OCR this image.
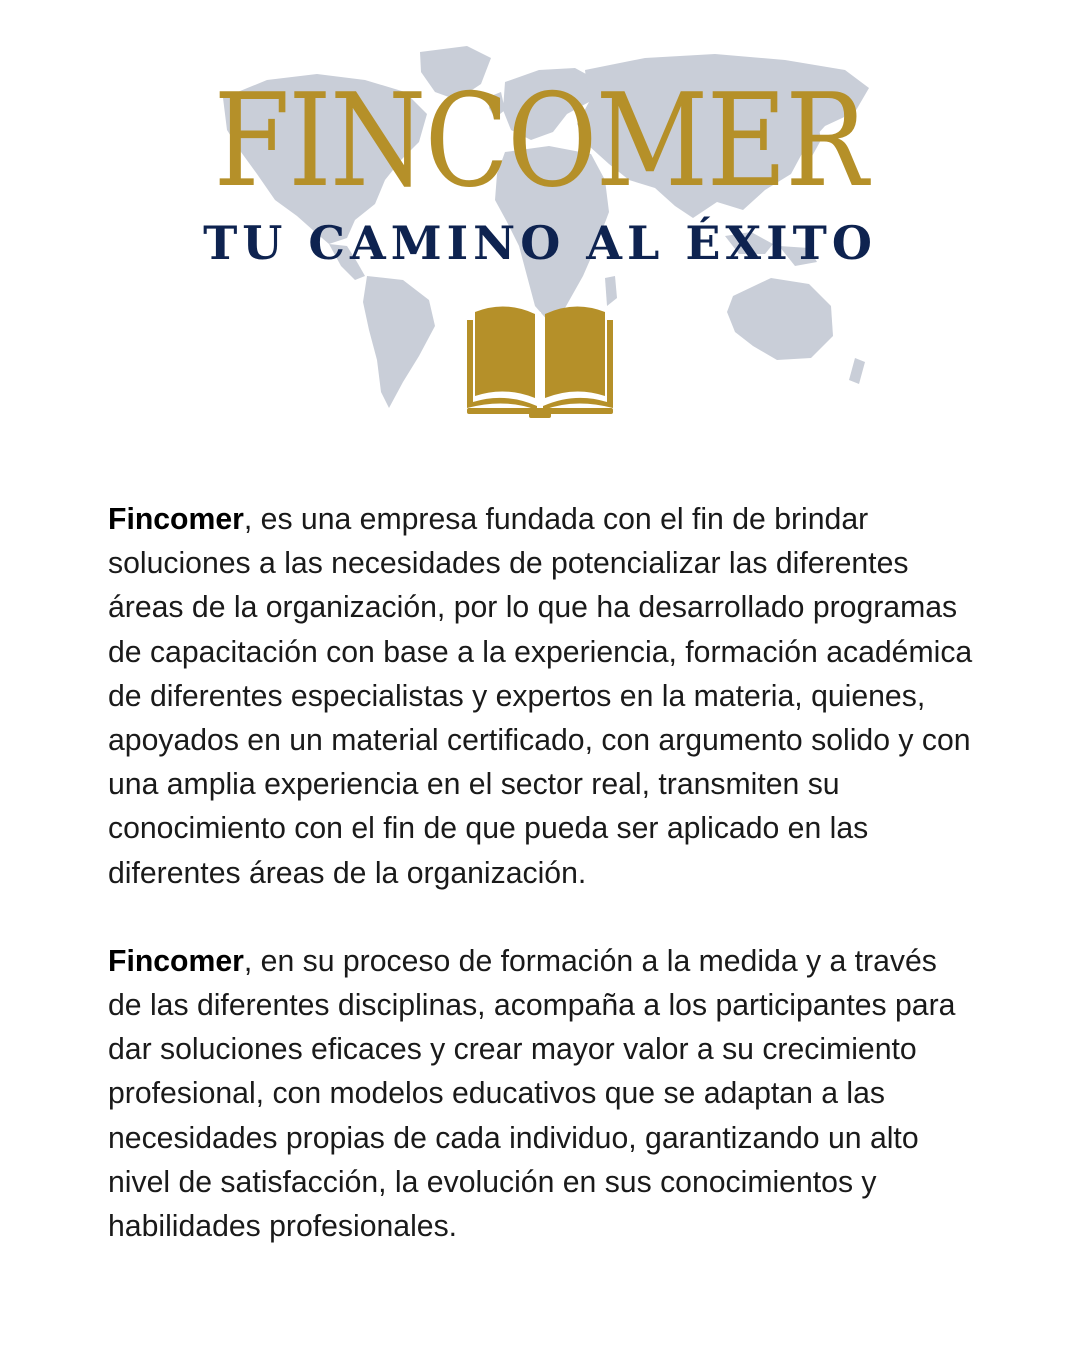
FINCOMER
TU CAMINO AL ÉXITO

Fincomer, es una empresa fundada con el fin de brindar soluciones a las necesidades de potencializar las diferentes áreas de la organización, por lo que ha desarrollado programas de capacitación con base a la experiencia, formación académica de diferentes especialistas y expertos en la materia, quienes, apoyados en un material certificado, con argumento solido y con una amplia experiencia en el sector real, transmiten su conocimiento con el fin de que pueda ser aplicado en las diferentes áreas de la organización.

Fincomer, en su proceso de formación a la medida y a través de las diferentes disciplinas, acompaña a los participantes para dar soluciones eficaces y crear mayor valor a su crecimiento profesional, con modelos educativos que se adaptan a las necesidades propias de cada individuo, garantizando un alto nivel de satisfacción, la evolución en sus conocimientos y habilidades profesionales.
